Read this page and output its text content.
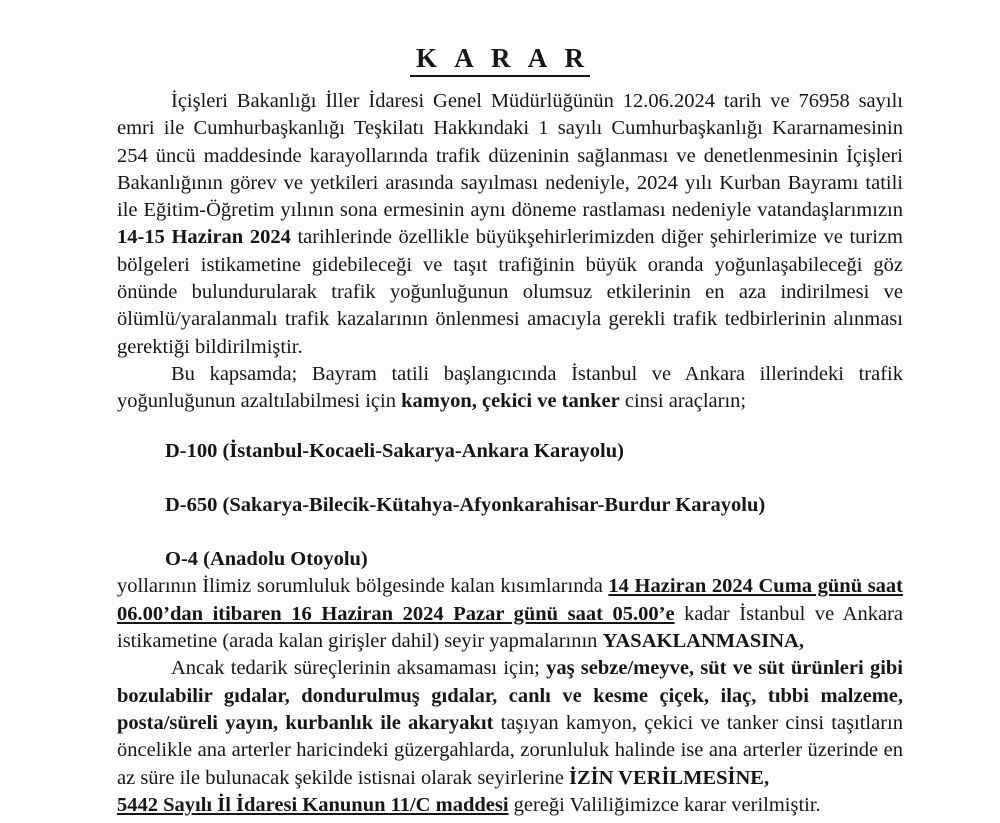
K A R A R

İçişleri Bakanlığı İller İdaresi Genel Müdürlüğünün 12.06.2024 tarih ve 76958 sayılı emri ile Cumhurbaşkanlığı Teşkilatı Hakkındaki 1 sayılı Cumhurbaşkanlığı Kararnamesinin 254 üncü maddesinde karayollarında trafik düzeninin sağlanması ve denetlenmesinin İçişleri Bakanlığının görev ve yetkileri arasında sayılması nedeniyle, 2024 yılı Kurban Bayramı tatili ile Eğitim-Öğretim yılının sona ermesinin aynı döneme rastlaması nedeniyle vatandaşlarımızın 14-15 Haziran 2024 tarihlerinde özellikle büyükşehirlerimizden diğer şehirlerimize ve turizm bölgeleri istikametine gidebileceği ve taşıt trafiğinin büyük oranda yoğunlaşabileceği göz önünde bulundurularak trafik yoğunluğunun olumsuz etkilerinin en aza indirilmesi ve ölümlü/yaralanmalı trafik kazalarının önlenmesi amacıyla gerekli trafik tedbirlerinin alınması gerektiği bildirilmiştir.

Bu kapsamda; Bayram tatili başlangıcında İstanbul ve Ankara illerindeki trafik yoğunluğunun azaltılabilmesi için kamyon, çekici ve tanker cinsi araçların;

D-100 (İstanbul-Kocaeli-Sakarya-Ankara Karayolu)
D-650 (Sakarya-Bilecik-Kütahya-Afyonkarahisar-Burdur Karayolu)
O-4 (Anadolu Otoyolu)

yollarının İlimiz sorumluluk bölgesinde kalan kısımlarında 14 Haziran 2024 Cuma günü saat 06.00’dan itibaren 16 Haziran 2024 Pazar günü saat 05.00’e kadar İstanbul ve Ankara istikametine (arada kalan girişler dahil) seyir yapmalarının YASAKLANMASINA,

Ancak tedarik süreçlerinin aksamaması için; yaş sebze/meyve, süt ve süt ürünleri gibi bozulabilir gıdalar, dondurulmuş gıdalar, canlı ve kesme çiçek, ilaç, tıbbi malzeme, posta/süreli yayın, kurbanlık ile akaryakıt taşıyan kamyon, çekici ve tanker cinsi taşıtların öncelikle ana arterler haricindeki güzergahlarda, zorunluluk halinde ise ana arterler üzerinde en az süre ile bulunacak şekilde istisnai olarak seyirlerine İZİN VERİLMESİNE,

5442 Sayılı İl İdaresi Kanunun 11/C maddesi gereği Valiliğimizce karar verilmiştir.
